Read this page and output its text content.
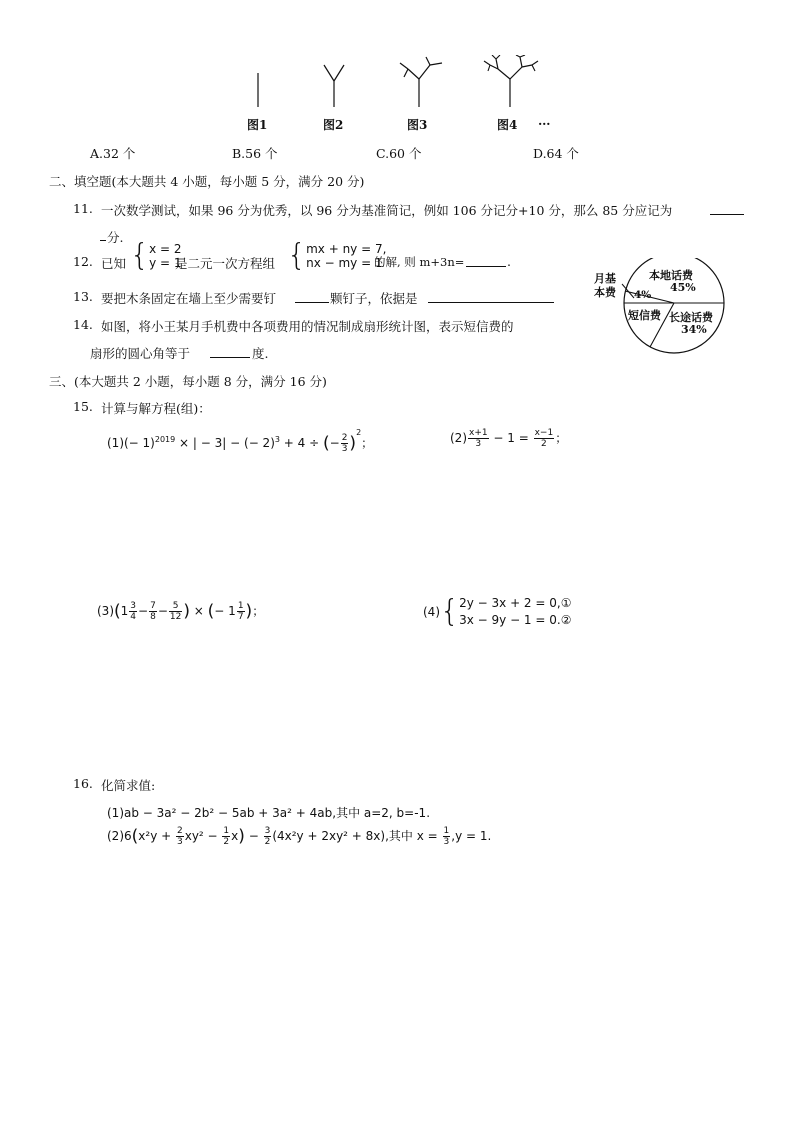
图1	图2	图3	图4 …
A.32 个	B.56 个	C.60 个	D.64 个
二、填空题(本大题共 4 小题，每小题 5 分，满分 20 分)
11. 一次数学测试，如果 96 分为优秀，以 96 分为基准简记，例如 106 分记分+10 分，那么 85 分应记为
分.
12. 已知 { x = 2
y = 1
是二元一次方程组 { mx + ny = 7,
nx − my = 1
的解, 则 m+3n=	.
13. 要把木条固定在墙上至少需要钉	颗钉子，依据是
14. 如图，将小王某月手机费中各项费用的情况制成扇形统计图，表示短信费的
扇形的圆心角等于	度.
本地话费
45%
月基
本费 4%
短信费 长途话费
34%
三、(本大题共 2 小题，每小题 8 分，满分 16 分)
15. 计算与解方程(组)：
$(1)(- 1)^{2019}$ × | − 3| − (− 2)$^3$ + 4 ÷ (− $\frac{2}{3} )^2$；	$(2) \frac{x+1}{3} - 1 = \frac{x-1}{2}$ ；
$(3)(1 \frac{3}{4} - \frac{7}{8} - \frac{5}{12}$ ) × (− $1 \frac{1}{7}$ )；	(4){ 2y − 3x + 2 = 0,①
3x − 9y − 1 = 0.②
16. 化简求值:
(1)ab − 3a² − 2b² − 5ab + 3a² + 4ab,其中 a=2, b=-1.
$(2)6(x^2y + \frac{2}{3} xy^2 - \frac{1}{2} x) - \frac{3}{2} (4x^2y + 2xy^2 + 8x)$,其中 $x = \frac{1}{3} ,y = 1$.
